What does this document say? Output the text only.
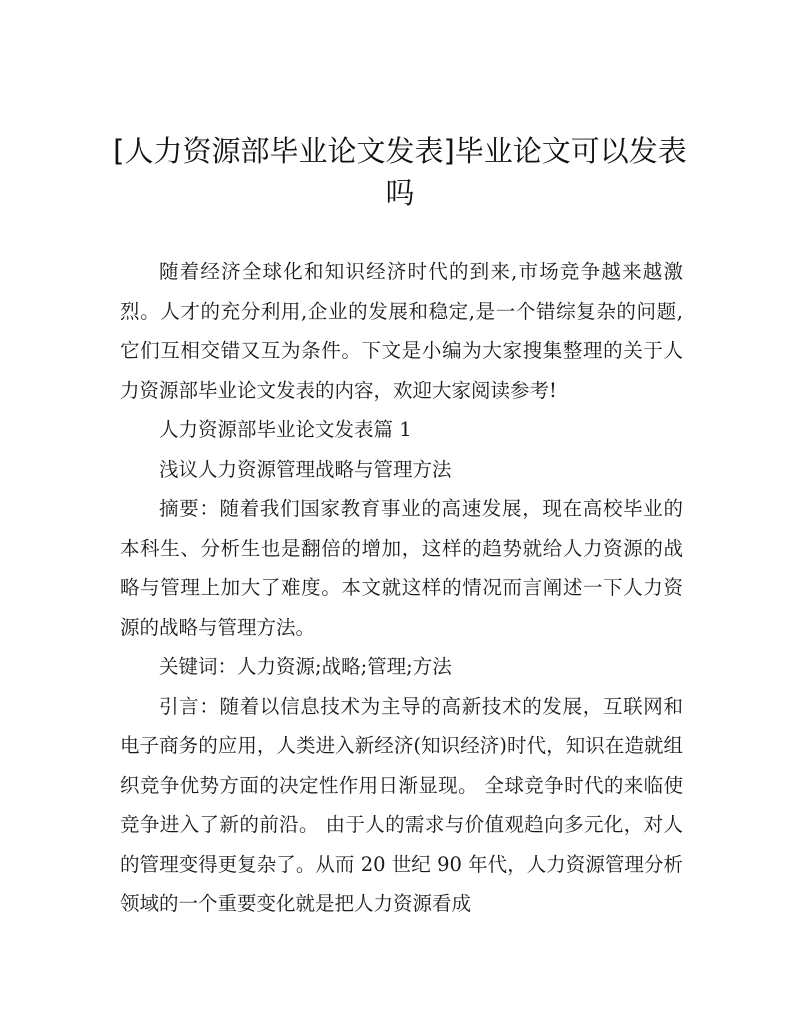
[人力资源部毕业论文发表]毕业论文可以发表吗

随着经济全球化和知识经济时代的到来,市场竞争越来越激烈。人才的充分利用,企业的发展和稳定,是一个错综复杂的问题,它们互相交错又互为条件。下文是小编为大家搜集整理的关于人力资源部毕业论文发表的内容，欢迎大家阅读参考!

人力资源部毕业论文发表篇 1

浅议人力资源管理战略与管理方法

摘要：随着我们国家教育事业的高速发展，现在高校毕业的本科生、分析生也是翻倍的增加，这样的趋势就给人力资源的战略与管理上加大了难度。本文就这样的情况而言阐述一下人力资源的战略与管理方法。

关键词：人力资源;战略;管理;方法

引言：随着以信息技术为主导的高新技术的发展，互联网和电子商务的应用，人类进入新经济(知识经济)时代，知识在造就组织竞争优势方面的决定性作用日渐显现。 全球竞争时代的来临使竞争进入了新的前沿。 由于人的需求与价值观趋向多元化，对人的管理变得更复杂了。从而 20 世纪 90 年代，人力资源管理分析领域的一个重要变化就是把人力资源看成
